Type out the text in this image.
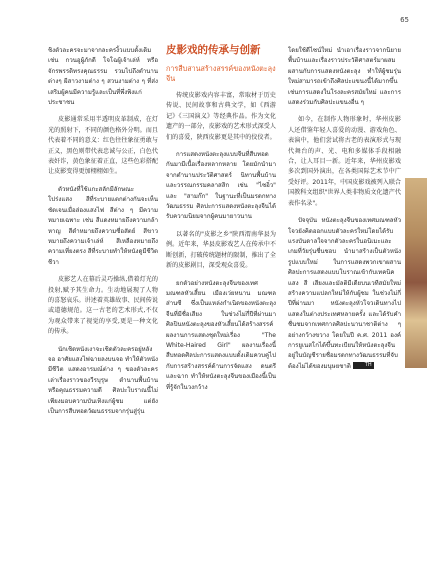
65

ชิงตัวละครจะมาจากละครงิ้วแบบดั้งเดิม เช่น กวนอูผู้ภักดี โจโฉผู้เจ้าเล่ห์ หรือจักรพรรดิทรงคุณธรรม รวมไปถึงตำนานต่างๆ ผีสาวงามต่าง ๆ สวนงามต่าง ๆ ที่ส่งเสริมผู้คนมีความรู้และเป็นที่พึ่งพิงแก่ประชาชน

皮影通常采用半透明皮革制成，在灯光的照射下，不同的颜色格外分明。而且代表着不同的意义：红色往往象征勇敢与正义，黑色则带代表忠诚与公正，白色代表奸诈，黄色象征着正直，这些色彩搭配让皮影变得更加栩栩如生。

ตัวหนังที่ใช้แกะสลักมีลักษณะโปร่งแสง สีที่ระบายแตกต่างกันจะเห็นชัดเจนเมื่อส่องแสงไฟ สีต่าง ๆ มีความหมายเฉพาะ เช่น สีแดงหมายถึงความกล้าหาญ สีดำหมายถึงความซื่อสัตย์ สีขาวหมายถึงความเจ้าเล่ห์ สีเหลืองหมายถึงความเที่ยงตรง สีที่ระบายทำให้หนังดูมีชีวิตชีวา

皮影艺人在幕后灵巧操纵,借着灯光的投射,赋予其生命力。生动地展现了人物的喜怒哀乐。讲述着英雄故事、民间传说或道德规范。这一古老的艺术形式,不仅为观众带来了视觉的享受,更是一种文化的传承。

นักเชิดหนังเงาจะเชิดตัวละครอยู่หลังจอ อาศัยแสงไฟฉายลงบนจอ ทำให้ตัวหนังมีชีวิต แสดงอารมณ์ต่าง ๆ ของตัวละคร เล่าเรื่องราวของวีรบุรุษ ตำนานพื้นบ้าน หรือคุณธรรมความดี ศิลปะโบราณนี้ไม่เพียงมอบความบันเทิงแก่ผู้ชม แต่ยังเป็นการสืบทอดวัฒนธรรมจากรุ่นสู่รุ่น

皮影戏的传承与创新

การสืบสานสร้างสรรค์ของหนังตะลุงจีน

传统皮影戏内容丰富，常取材于历史传说、民间故事和古典文学，如《西游记》《三国演义》等经典作品。作为文化遗产的一部分，皮影戏的艺术形式深受人们的喜爱，陕西皮影更是其中的佼佼者。

การแสดงหนังตะลุงแบบจีนที่สืบทอดกันมามีเนื้อเรื่องหลากหลาย โดยมักนำมาจากตำนานประวัติศาสตร์ นิทานพื้นบ้าน และวรรณกรรมคลาสสิก เช่น "ไซอิ๋ว" และ "สามก๊ก" ในฐานะที่เป็นมรดกทางวัฒนธรรม ศิลปะการแสดงหนังตะลุงจีนได้รับความนิยมจากผู้คนมายาวนาน

以著名的"皮影之乡"陕西渭南华县为例。近年来，华县皮影戏艺人在传承中不断创新，打破传统题材的限制，推出了全新的皮影剧目，深受观众喜爱。

ยกตัวอย่างหนังตะลุงจีนของเทศมณฑลหัวเสี้ยน เมืองเว่ยหนาน มณฑลส่านซี ซึ่งเป็นแหล่งกำเนิดของหนังตะลุงจีนที่มีชื่อเสียง ในช่วงไม่กี่ปีที่ผ่านมา ศิลปินหนังตะลุงของหัวเสี้ยนได้สร้างสรรค์ผลงานการแสดงชุดใหม่เรื่อง "The White-Haired Girl" ผลงานเรื่องนี้สืบทอดศิลปะการแสดงแบบดั้งเดิมควบคู่ไปกับการสร้างสรรค์ด้านการจัดแสง ดนตรี และฉาก ทำให้หนังตะลุงจีนของเมืองนี้เป็นที่รู้จักในวงกว้าง

โดยใช้ดีไซน์ใหม่ นำเอาเรื่องราวจากนิยายพื้นบ้านและเรื่องราวประวัติศาสตร์มาผสมผสานกับการแสดงหนังตะลุง ทำให้ผู้ชมรุ่นใหม่สามารถเข้าถึงศิลปะแขนงนี้ได้มากขึ้น เช่นการแสดงในโรงละครสมัยใหม่ และการแสดงร่วมกับศิลปะแขนงอื่น ๆ

如今，在制作人物形象时，华州皮影人还借鉴年轻人喜爱的动漫、游戏角色、表演中，他们尝试将古老的表演形式与现代舞台的声、光、电和多媒体手段相融合，让人耳目一新。近年来，华州皮影戏多次到国外演出，在各类国际艺术节中广受好评。2011年，中国皮影戏被列入联合国教科文组织"世界人类非物质文化遗产代表作名录"。

ปัจจุบัน หนังตะลุงจีนของเทศมณฑลหัวโจวยังคิดออกแบบตัวละครใหม่โดยได้รับแรงบันดาลใจจากตัวละครในอนิเมะและเกมที่วัยรุ่นชื่นชอบ นำมาสร้างเป็นตัวหนังรูปแบบใหม่ ในการแสดงพวกเขาผสานศิลปะการแสดงแบบโบราณเข้ากับเทคนิคแสง สี เสียงและมัลติมีเดียบนเวทีสมัยใหม่ สร้างความแปลกใหม่ให้กับผู้ชม ในช่วงไม่กี่ปีที่ผ่านมา หนังตะลุงหัวโจวเดินทางไปแสดงในต่างประเทศหลายครั้ง และได้รับคำชื่นชมจากเทศกาลศิลปะนานาชาติต่าง ๆ อย่างกว้างขวาง โดยในปี ค.ศ. 2011 องค์การยูเนสโกได้ขึ้นทะเบียนให้หนังตะลุงจีนอยู่ในบัญชีรายชื่อมรดกทางวัฒนธรรมที่จับต้องไม่ได้ของมนุษยชาติ	TH
